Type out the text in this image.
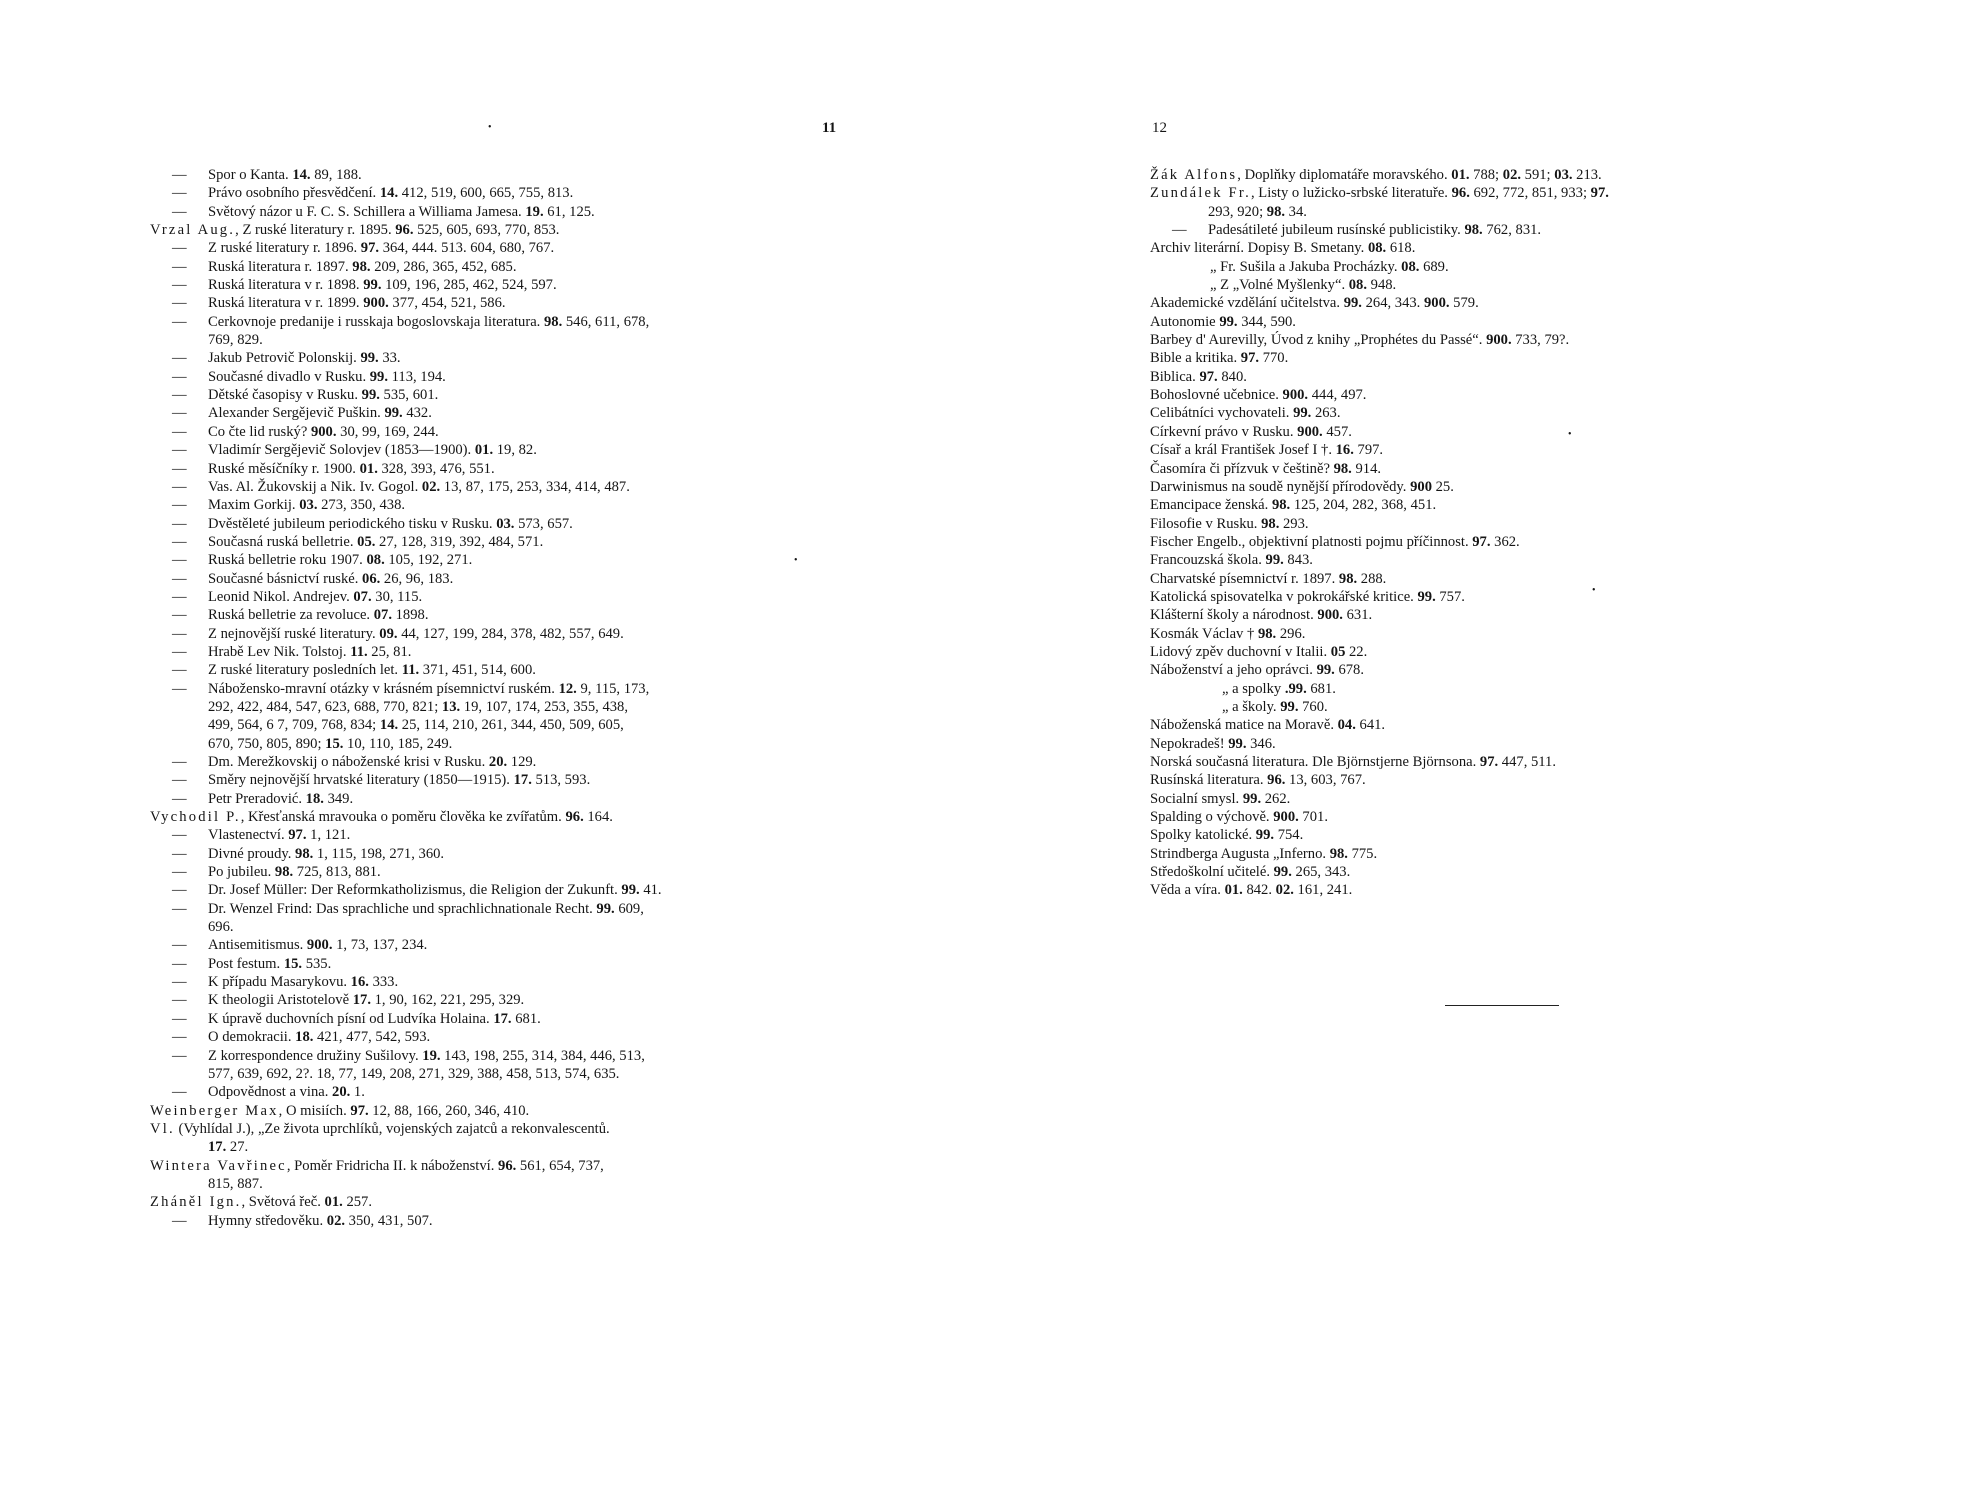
11	12
— Spor o Kanta. 14. 89, 188.
— Právo osobního přesvědčení. 14. 412, 519, 600, 665, 755, 813.
— Světový názor u F. C. S. Schillera a Williama Jamesa. 19. 61, 125.
Vrzal Aug., Z ruské literatury r. 1895. 96. 525, 605, 693, 770, 853.
— Z ruské literatury r. 1896. 97. 364, 444. 513. 604, 680, 767.
— Ruská literatura r. 1897. 98. 209, 286, 365, 452, 685.
— Ruská literatura v r. 1898. 99. 109, 196, 285, 462, 524, 597.
— Ruská literatura v r. 1899. 900. 377, 454, 521, 586.
— Cerkovnoje predanije i russkaja bogoslovskaja literatura. 98. 546, 611, 678,
769, 829.
— Jakub Petrovič Polonskij. 99. 33.
— Současné divadlo v Rusku. 99. 113, 194.
— Dětské časopisy v Rusku. 99. 535, 601.
— Alexander Sergějevič Puškin. 99. 432.
— Co čte lid ruský? 900. 30, 99, 169, 244.
— Vladimír Sergějevič Solovjev (1853—1900). 01. 19, 82.
— Ruské měsíčníky r. 1900. 01. 328, 393, 476, 551.
— Vas. Al. Žukovskij a Nik. Iv. Gogol. 02. 13, 87, 175, 253, 334, 414, 487.
— Maxim Gorkij. 03. 273, 350, 438.
— Dvěstěleté jubileum periodického tisku v Rusku. 03. 573, 657.
— Současná ruská belletrie. 05. 27, 128, 319, 392, 484, 571.
— Ruská belletrie roku 1907. 08. 105, 192, 271.
— Současné básnictví ruské. 06. 26, 96, 183.
— Leonid Nikol. Andrejev. 07. 30, 115.
— Ruská belletrie za revoluce. 07. 1898.
— Z nejnovější ruské literatury. 09. 44, 127, 199, 284, 378, 482, 557, 649.
— Hrabě Lev Nik. Tolstoj. 11. 25, 81.
— Z ruské literatury posledních let. 11. 371, 451, 514, 600.
— Nábožensko-mravní otázky v krásném písemnictví ruském. 12. 9, 115, 173,
292, 422, 484, 547, 623, 688, 770, 821; 13. 19, 107, 174, 253, 355, 438,
499, 564, 6 7, 709, 768, 834; 14. 25, 114, 210, 261, 344, 450, 509, 605,
670, 750, 805, 890; 15. 10, 110, 185, 249.
— Dm. Merežkovskij o náboženské krisi v Rusku. 20. 129.
— Směry nejnovější hrvatské literatury (1850—1915). 17. 513, 593.
— Petr Preradović. 18. 349.
Vychodil P., Křesťanská mravouka o poměru člověka ke zvířatům. 96. 164.
— Vlastenectví. 97. 1, 121.
— Divné proudy. 98. 1, 115, 198, 271, 360.
— Po jubileu. 98. 725, 813, 881.
— Dr. Josef Müller: Der Reformkatholizismus, die Religion der Zukunft. 99. 41.
— Dr. Wenzel Frind: Das sprachliche und sprachlichnationale Recht. 99. 609,
696.
— Antisemitismus. 900. 1, 73, 137, 234.
— Post festum. 15. 535.
— K případu Masarykovu. 16. 333.
— K theologii Aristotelově 17. 1, 90, 162, 221, 295, 329.
— K úpravě duchovních písní od Ludvíka Holaina. 17. 681.
— O demokracii. 18. 421, 477, 542, 593.
— Z korrespondence družiny Sušilovy. 19. 143, 198, 255, 314, 384, 446, 513,
577, 639, 692, 2?. 18, 77, 149, 208, 271, 329, 388, 458, 513, 574, 635.
— Odpovědnost a vina. 20. 1.
Weinberger Max, O misiích. 97. 12, 88, 166, 260, 346, 410.
Vl. (Vyhlídal J.), „Ze života uprchlíků, vojenských zajatců a rekonvalescentů.
17. 27.
Wintera Vavřinec, Poměr Fridricha II. k náboženství. 96. 561, 654, 737,
815, 887.
Zháněl Ign., Světová řeč. 01. 257.
— Hymny středověku. 02. 350, 431, 507.
Žák Alfons, Doplňky diplomatáře moravského. 01. 788; 02. 591; 03. 213.
Zundálek Fr., Listy o lužicko-srbské literatuře. 96. 692, 772, 851, 933; 97.
293, 920; 98. 34.
— Padesátileté jubileum rusínské publicistiky. 98. 762, 831.
Archiv literární. Dopisy B. Smetany. 08. 618.
„ Fr. Sušila a Jakuba Procházky. 08. 689.
„ Z „Volné Myšlenky“. 08. 948.
Akademické vzdělání učitelstva. 99. 264, 343. 900. 579.
Autonomie 99. 344, 590.
Barbey d' Aurevilly, Úvod z knihy „Prophétes du Passé“. 900. 733, 79?.
Bible a kritika. 97. 770.
Biblica. 97. 840.
Bohoslovné učebnice. 900. 444, 497.
Celibátníci vychovateli. 99. 263.
Církevní právo v Rusku. 900. 457.
Císař a král František Josef I †. 16. 797.
Časomíra či přízvuk v češtině? 98. 914.
Darwinismus na soudě nynější přírodovědy. 900 25.
Emancipace ženská. 98. 125, 204, 282, 368, 451.
Filosofie v Rusku. 98. 293.
Fischer Engelb., objektivní platnosti pojmu příčinnost. 97. 362.
Francouzská škola. 99. 843.
Charvatské písemnictví r. 1897. 98. 288.
Katolická spisovatelka v pokrokářské kritice. 99. 757.
Klášterní školy a národnost. 900. 631.
Kosmák Václav † 98. 296.
Lidový zpěv duchovní v Italii. 05 22.
Náboženství a jeho oprávci. 99. 678.
„ a spolky .99. 681.
„ a školy. 99. 760.
Náboženská matice na Moravě. 04. 641.
Nepokradeš! 99. 346.
Norská současná literatura. Dle Björnstjerne Björnsona. 97. 447, 511.
Rusínská literatura. 96. 13, 603, 767.
Socialní smysl. 99. 262.
Spalding o výchově. 900. 701.
Spolky katolické. 99. 754.
Strindberga Augusta „Inferno. 98. 775.
Středoškolní učitelé. 99. 265, 343.
Věda a víra. 01. 842. 02. 161, 241.
•
•
•
•
